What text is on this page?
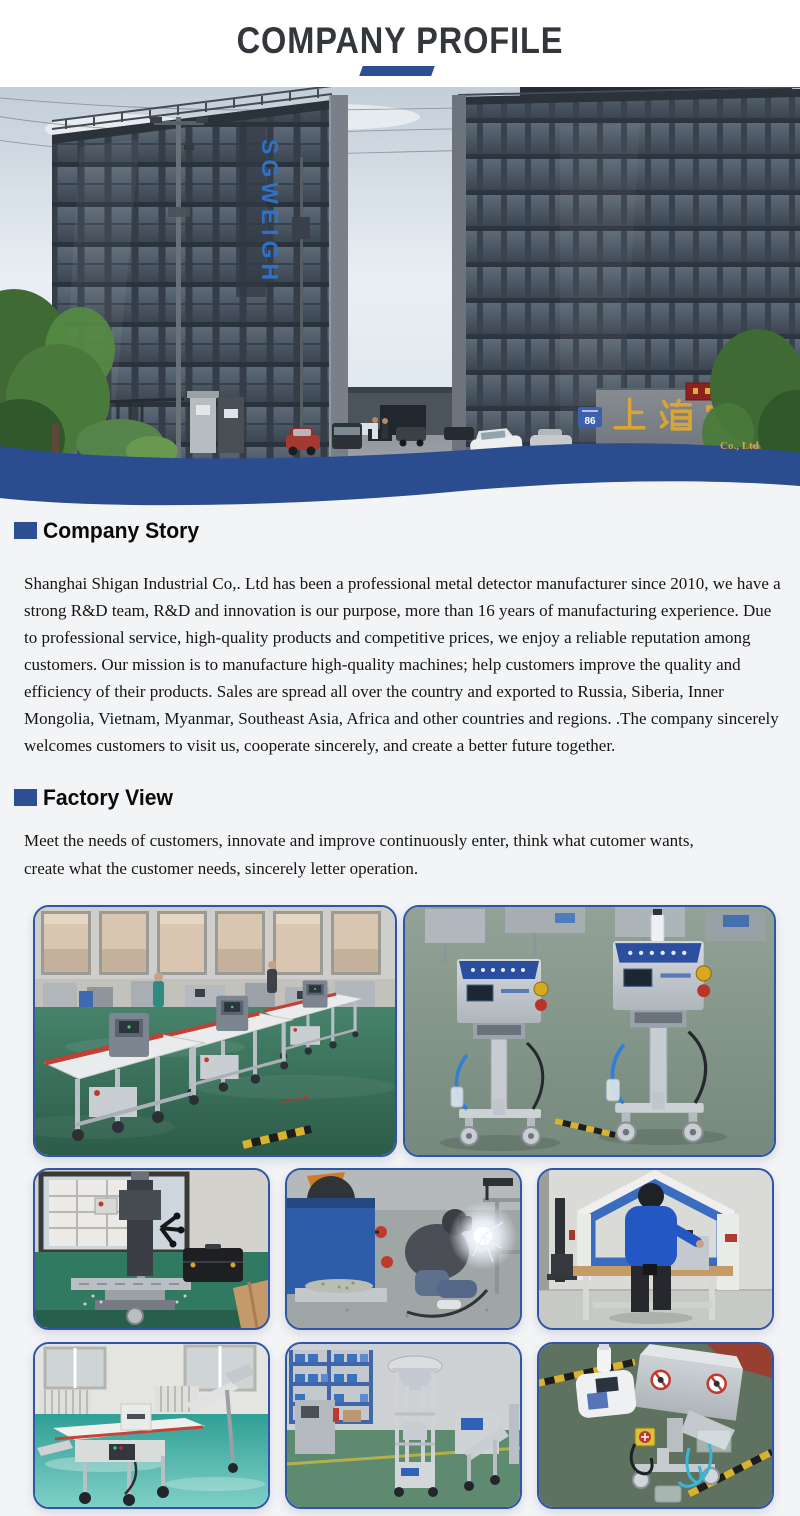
COMPANY PROFILE
SGWEIGH
86
Co., Ltd
Company Story
Shanghai Shigan Industrial Co,. Ltd has been a professional metal detector manufacturer since 2010, we have a strong R&D team, R&D and innovation is our purpose, more than 16 years of manufacturing experience. Due to professional service, high-quality products and competitive prices, we enjoy a reliable reputation among customers. Our mission is to manufacture high-quality machines; help customers improve the quality and efficiency of their products. Sales are spread all over the country and exported to Russia, Siberia, Inner Mongolia, Vietnam, Myanmar, Southeast Asia, Africa and other countries and regions. .The company sincerely welcomes customers to visit us, cooperate sincerely, and create a better future together.
Factory View
Meet the needs of customers, innovate and improve continuously enter, think what cutomer wants,
create what the customer needs, sincerely letter operation.
